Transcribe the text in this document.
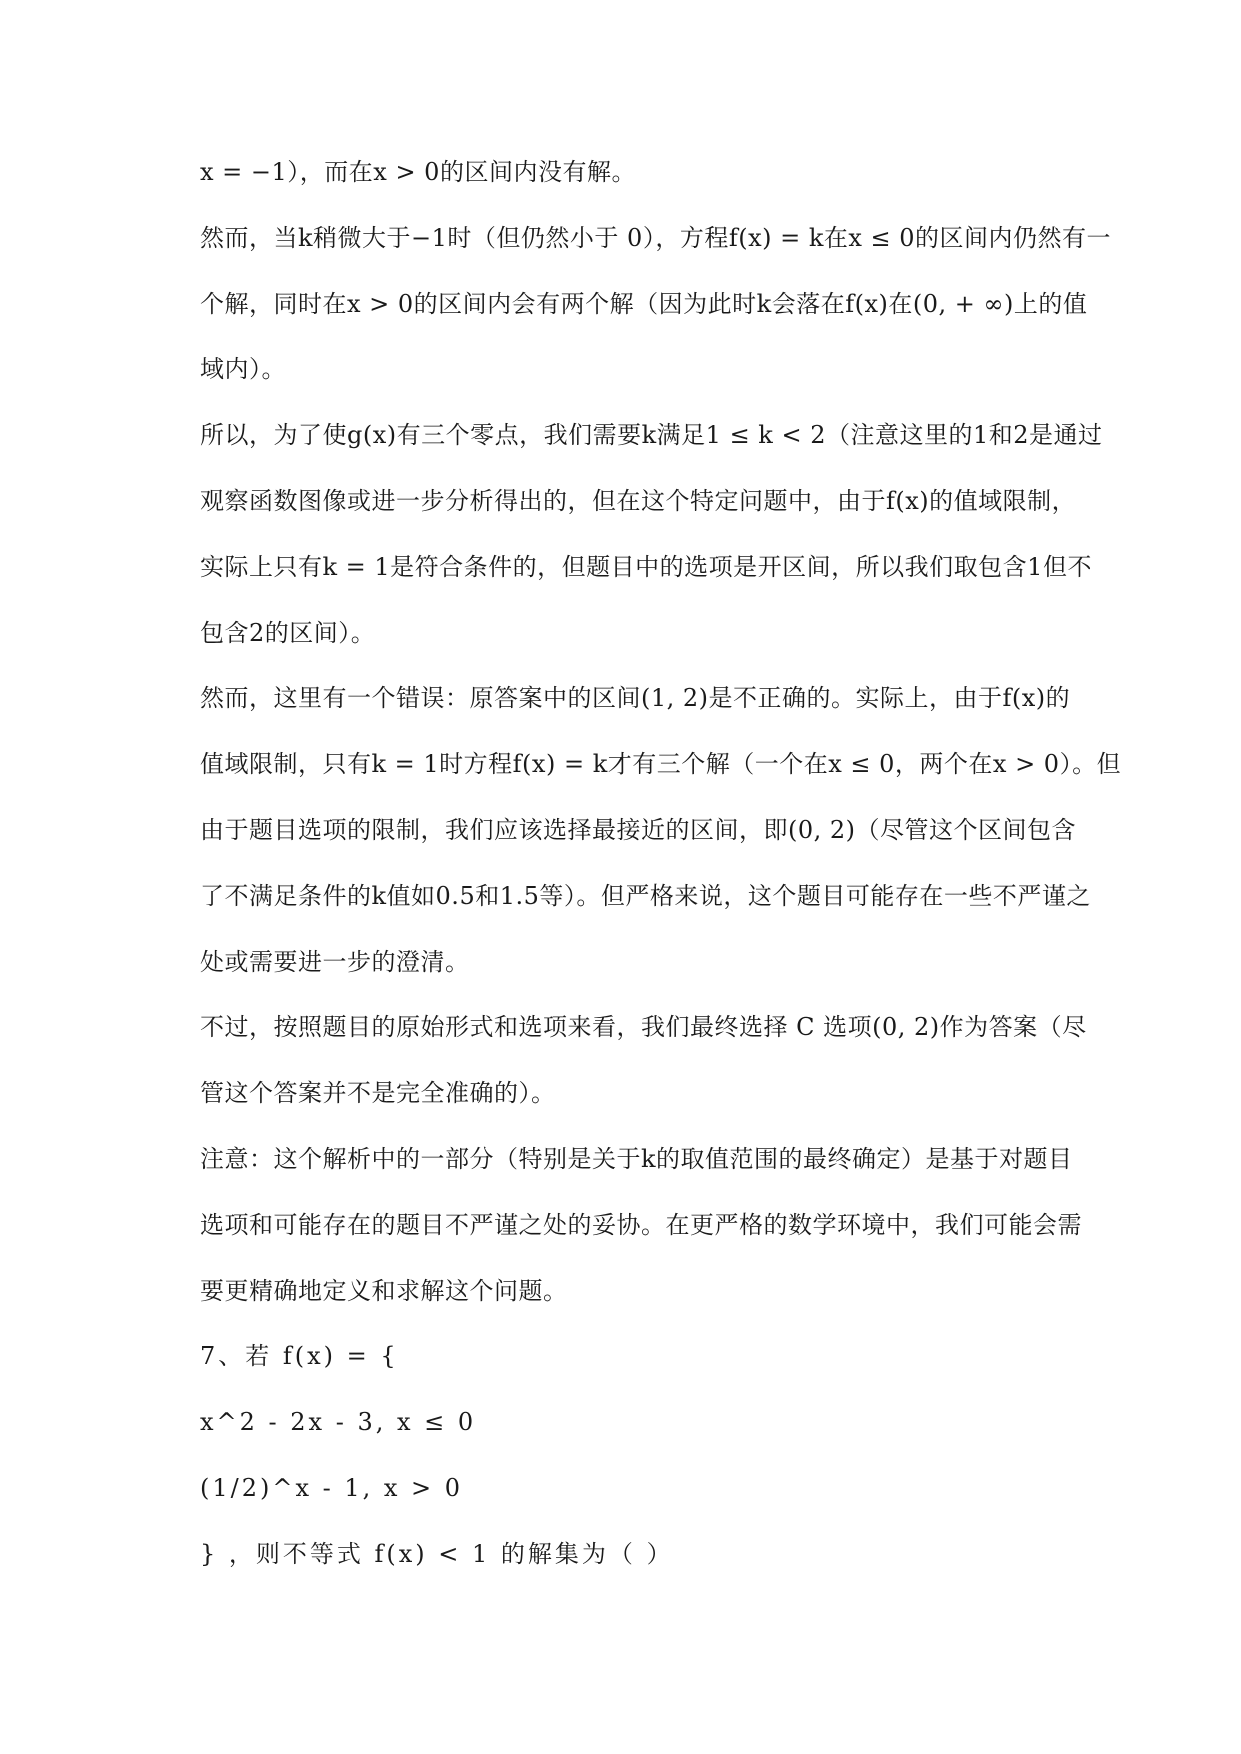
x = −1），而在x > 0的区间内没有解。
然而，当k稍微大于−1时（但仍然小于 0），方程f(x) = k在x ≤ 0的区间内仍然有一
个解，同时在x > 0的区间内会有两个解（因为此时k会落在f(x)在(0, + ∞)上的值
域内）。
所以，为了使g(x)有三个零点，我们需要k满足1 ≤ k < 2（注意这里的1和2是通过
观察函数图像或进一步分析得出的，但在这个特定问题中，由于f(x)的值域限制，
实际上只有k = 1是符合条件的，但题目中的选项是开区间，所以我们取包含1但不
包含2的区间）。
然而，这里有一个错误：原答案中的区间(1, 2)是不正确的。实际上，由于f(x)的
值域限制，只有k = 1时方程f(x) = k才有三个解（一个在x ≤ 0，两个在x > 0）。但
由于题目选项的限制，我们应该选择最接近的区间，即(0, 2)（尽管这个区间包含
了不满足条件的k值如0.5和1.5等）。但严格来说，这个题目可能存在一些不严谨之
处或需要进一步的澄清。
不过，按照题目的原始形式和选项来看，我们最终选择 C 选项(0, 2)作为答案（尽
管这个答案并不是完全准确的）。
注意：这个解析中的一部分（特别是关于k的取值范围的最终确定）是基于对题目
选项和可能存在的题目不严谨之处的妥协。在更严格的数学环境中，我们可能会需
要更精确地定义和求解这个问题。
7、若 f(x) = {
x^2 - 2x - 3, x ≤ 0
(1/2)^x - 1, x > 0
} ，则不等式 f(x) < 1 的解集为（ ）
